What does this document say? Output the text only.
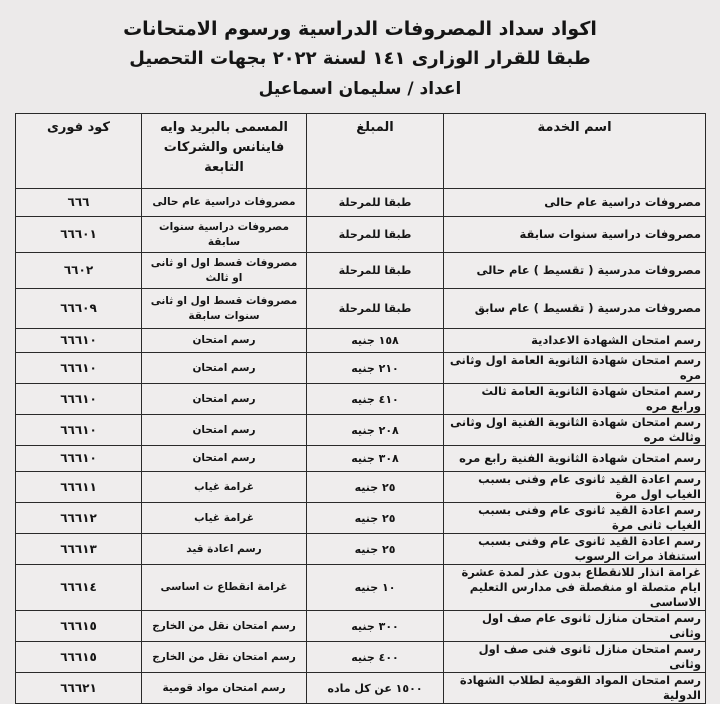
اكواد سداد المصروفات الدراسية ورسوم الامتحانات
طبقا للقرار الوزارى ١٤١ لسنة ٢٠٢٢ بجهات التحصيل
اعداد / سليمان اسماعيل
اسم الخدمة	المبلغ	المسمى بالبريد وايه فاينانس والشركات التابعة	كود فورى
مصروفات دراسية عام حالى	طبقا للمرحلة	مصروفات دراسية عام حالى	٦٦٦
مصروفات دراسية سنوات سابقة	طبقا للمرحلة	مصروفات دراسية سنوات سابقة	٦٦٦٠١
مصروفات مدرسية ( تقسيط ) عام حالى	طبقا للمرحلة	مصروفات قسط اول او ثانى او ثالث	٦٦٠٢
مصروفات مدرسية ( تقسيط ) عام سابق	طبقا للمرحلة	مصروفات قسط اول او ثانى سنوات سابقة	٦٦٦٠٩
رسم امتحان الشهادة الاعدادية	١٥٨ جنيه	رسم امتحان	٦٦٦١٠
رسم امتحان شهادة الثانوية العامة اول وثانى مره	٢١٠ جنيه	رسم امتحان	٦٦٦١٠
رسم امتحان شهادة الثانوية العامة ثالث ورابع مره	٤١٠ جنيه	رسم امتحان	٦٦٦١٠
رسم امتحان شهادة الثانوية الفنية اول وثانى وثالث مره	٢٠٨ جنيه	رسم امتحان	٦٦٦١٠
رسم امتحان شهادة الثانوية الفنية رابع مره	٣٠٨ جنيه	رسم امتحان	٦٦٦١٠
رسم اعادة القيد ثانوى عام وفنى بسبب الغياب اول مرة	٢٥ جنيه	غرامة غياب	٦٦٦١١
رسم اعادة القيد ثانوى عام وفنى بسبب الغياب ثانى مرة	٢٥ جنيه	غرامة غياب	٦٦٦١٢
رسم اعادة القيد ثانوى عام وفنى بسبب استنفاذ مرات الرسوب	٢٥ جنيه	رسم اعادة قيد	٦٦٦١٣
غرامة انذار للانقطاع بدون عذر لمدة عشرة ايام متصلة او منفصلة فى مدارس التعليم الاساسى	١٠ جنيه	غرامة انقطاع ت اساسى	٦٦٦١٤
رسم امتحان منازل ثانوى عام صف اول وثانى	٣٠٠ جنيه	رسم امتحان نقل من الخارج	٦٦٦١٥
رسم امتحان منازل ثانوى فنى صف اول وثانى	٤٠٠ جنيه	رسم امتحان نقل من الخارج	٦٦٦١٥
رسم امتحان المواد القومية لطلاب الشهادة الدولية	١٥٠٠ عن كل ماده	رسم امتحان مواد قومية	٦٦٦٢١
